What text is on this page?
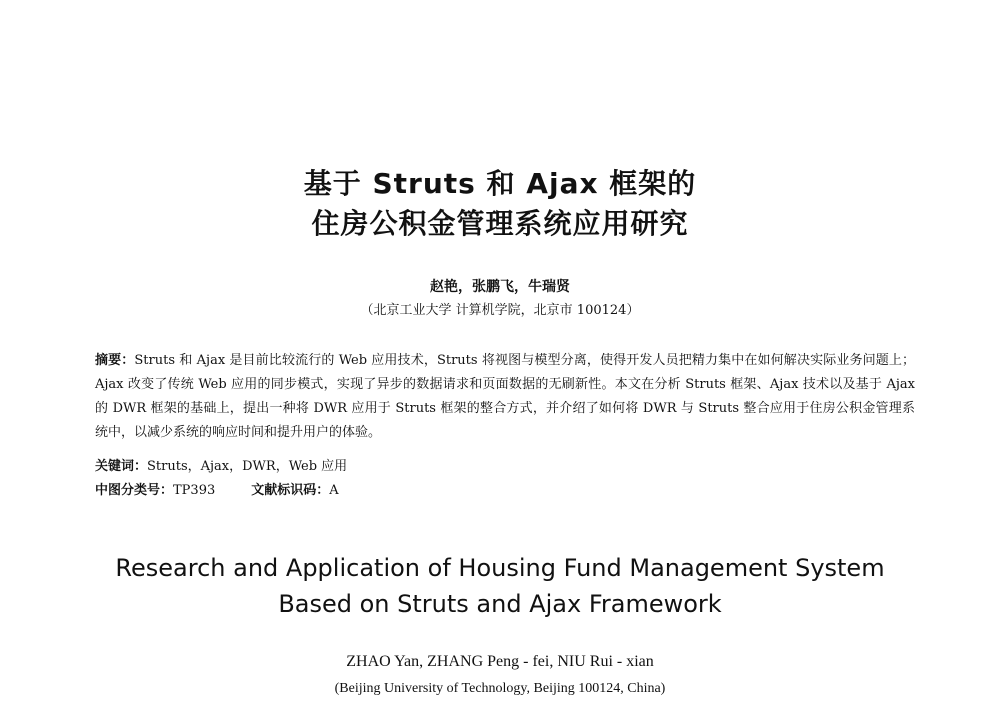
基于 Struts 和 Ajax 框架的
住房公积金管理系统应用研究
赵艳，张鹏飞，牛瑞贤
（北京工业大学 计算机学院，北京市 100124）
摘要：Struts 和 Ajax 是目前比较流行的 Web 应用技术，Struts 将视图与模型分离，使得开发人员把精力集中在如何解决实际业务问题上；Ajax 改变了传统 Web 应用的同步模式，实现了异步的数据请求和页面数据的无刷新性。本文在分析 Struts 框架、Ajax 技术以及基于 Ajax 的 DWR 框架的基础上，提出一种将 DWR 应用于 Struts 框架的整合方式，并介绍了如何将 DWR 与 Struts 整合应用于住房公积金管理系统中，以减少系统的响应时间和提升用户的体验。
关键词：Struts，Ajax，DWR，Web 应用
中图分类号：TP393	文献标识码：A
Research and Application of Housing Fund Management System
Based on Struts and Ajax Framework
ZHAO Yan, ZHANG Peng - fei, NIU Rui - xian
(Beijing University of Technology, Beijing 100124, China)
